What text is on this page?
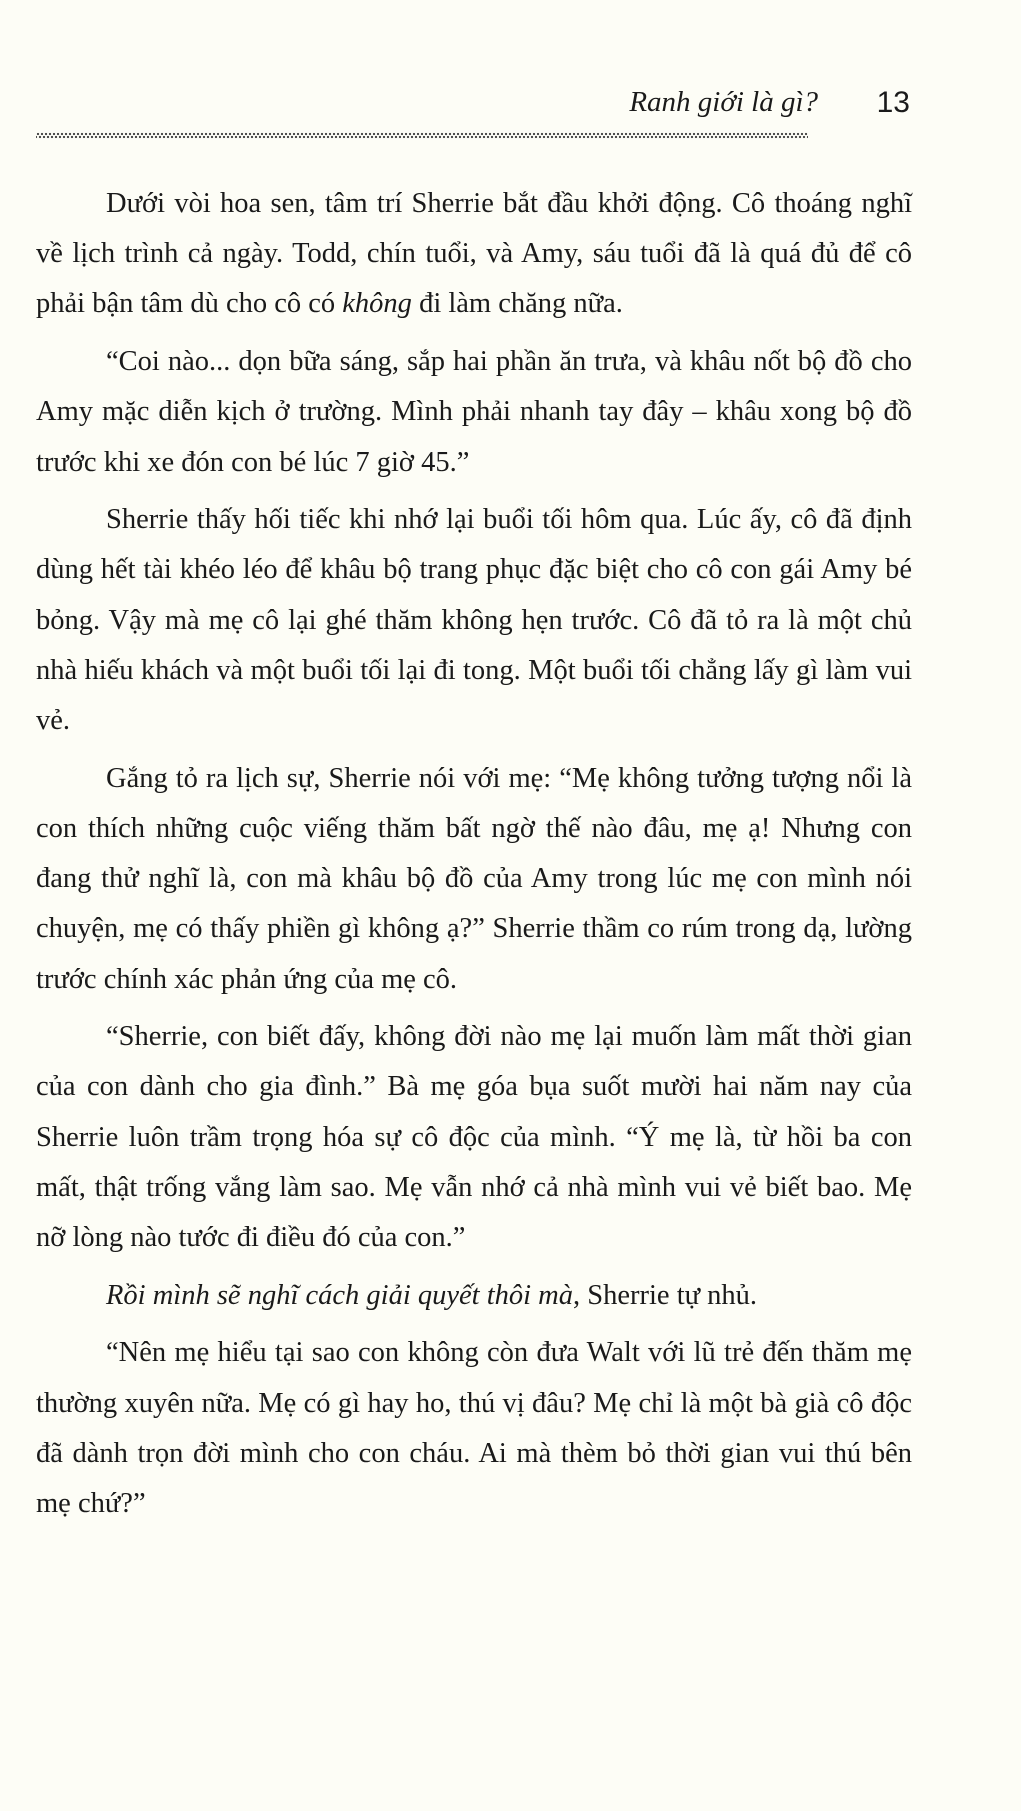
Ranh giới là gì? 13

Dưới vòi hoa sen, tâm trí Sherrie bắt đầu khởi động. Cô thoáng nghĩ về lịch trình cả ngày. Todd, chín tuổi, và Amy, sáu tuổi đã là quá đủ để cô phải bận tâm dù cho cô có không đi làm chăng nữa.

“Coi nào... dọn bữa sáng, sắp hai phần ăn trưa, và khâu nốt bộ đồ cho Amy mặc diễn kịch ở trường. Mình phải nhanh tay đây – khâu xong bộ đồ trước khi xe đón con bé lúc 7 giờ 45.”

Sherrie thấy hối tiếc khi nhớ lại buổi tối hôm qua. Lúc ấy, cô đã định dùng hết tài khéo léo để khâu bộ trang phục đặc biệt cho cô con gái Amy bé bỏng. Vậy mà mẹ cô lại ghé thăm không hẹn trước. Cô đã tỏ ra là một chủ nhà hiếu khách và một buổi tối lại đi tong. Một buổi tối chẳng lấy gì làm vui vẻ.

Gắng tỏ ra lịch sự, Sherrie nói với mẹ: “Mẹ không tưởng tượng nổi là con thích những cuộc viếng thăm bất ngờ thế nào đâu, mẹ ạ! Nhưng con đang thử nghĩ là, con mà khâu bộ đồ của Amy trong lúc mẹ con mình nói chuyện, mẹ có thấy phiền gì không ạ?” Sherrie thầm co rúm trong dạ, lường trước chính xác phản ứng của mẹ cô.

“Sherrie, con biết đấy, không đời nào mẹ lại muốn làm mất thời gian của con dành cho gia đình.” Bà mẹ góa bụa suốt mười hai năm nay của Sherrie luôn trầm trọng hóa sự cô độc của mình. “Ý mẹ là, từ hồi ba con mất, thật trống vắng làm sao. Mẹ vẫn nhớ cả nhà mình vui vẻ biết bao. Mẹ nỡ lòng nào tước đi điều đó của con.”

Rồi mình sẽ nghĩ cách giải quyết thôi mà, Sherrie tự nhủ.

“Nên mẹ hiểu tại sao con không còn đưa Walt với lũ trẻ đến thăm mẹ thường xuyên nữa. Mẹ có gì hay ho, thú vị đâu? Mẹ chỉ là một bà già cô độc đã dành trọn đời mình cho con cháu. Ai mà thèm bỏ thời gian vui thú bên mẹ chứ?”
